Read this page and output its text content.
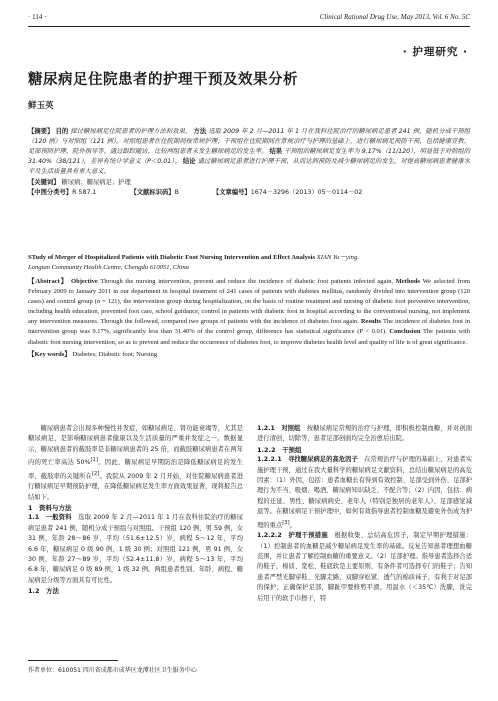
· 114 ·	Clinical Rational Drug Use, May 2013, Vol. 6 No. 5C
· 护理研究 ·
糖尿病足住院患者的护理干预及效果分析
鲜玉英

【摘要】 目的 探讨糖尿病足住院患者的护理方法和效果。 方法 选取 2009 年 2 月—2011 年 1 月在我科住院治疗的糖尿病足患者 241 例，随机分成干预组（120 例）与对照组（121 例）。对照组患者在住院期间按常规护理；干预组在住院期间在常规治疗与护理的基础上，进行糖尿病足预防干预，包括健康宣教、足部预防护理、院外指导等。通过跟踪随访，比较两组患者未发生糖尿病足的发生率。 结果 干预组的糖尿病足发生率为 9.17%（11/120），明显低于对照组的 31.40%（38/121），差异有统计学意义（P＜0.01）。 结论 通过糖尿病足患者进行护理干预，从而达到预防及减少糖尿病足的发生，对提高糖尿病患者健康水平及生活质量具有重大意义。

【关键词】 糖尿病；糖尿病足；护理

【中图分类号】R 587.1	【文献标识码】B	【文章编号】1674－3296（2013）05－0114－02

STudy of Merger of Hospitalized Patients with Diabetic Foot Nursing Intervention and Effect Analysis XIAN Yu－ying.
Longtan Community Health Centre, Chengdu 610051, China

【Abstract】 Objective Through the nursing intervention, prevent and reduce the incidence of diabetic foot patients infected again. Methods We selected from February 2009 to January 2011 in our department in hospital treatment of 241 cases of patients with diabetes mellitus, randomly divided into intervention group (120 cases) and control group (n = 121), the intervention group during hospitalization, on the basis of routine treatment and nursing of diabetic foot preventive intervention, including health education, prevented foot care, school guidance, control in patients with diabetic foot in hospital according to the conventional nursing, not implement any intervention measures. Through the followed, compared two groups of patients with the incidence of diabetes foot again. Results The incidence of diabetes foot in intervention group was 9.17%, significantly less than 31.40% of the control group, difference has statistical significance (P < 0.01). Conclusion The patients with diabetic foot nursing intervention, so as to prevent and reduce the occurrence of diabetes foot, to improve diabetes health level and quality of life is of great significance.

【Key words】 Diabetes; Diabetic foot; Nursing

糖尿病患者会出现多种慢性并发症，如糖尿病足、肾功能衰竭等，尤其是糖尿病足，是影响糖尿病患者健康以及生活质量的严重并发症之一。数据显示，糖尿病患者的截肢率是非糖尿病患者的 25 倍，而截肢糖尿病患者在两年内的死亡率高达 50%[1]。因此，糖尿病足早期防治是降低糖尿病足的发生率、截肢率的关键所在[2]。我院从 2009 年 2 月开始，对住院糖尿病患者进行糖尿病足早期预防护理，在降低糖尿病足发生率方面效果显著，现将报告总结如下。

1　资料与方法

1.1　一般资料　 选取 2009 年 2 月—2011 年 1 月在我科住院治疗的糖尿病足患者 241 例，随机分成干预组与对照组。干预组 120 例，男 59 例，女 31 例，年龄 28～86 岁，平均（51.6±12.5）岁，病程 5～12 年，平均 6.6 年，糖尿病足 0 级 90 例，1 级 30 例；对照组 121 例，男 91 例，女 30 例，年龄 27～89 岁，平均（52.4±11.8）岁，病程 5～13 年，平均 6.8 年，糖尿病足 0 级 89 例，1 级 32 例。两组患者性别、年龄、病程、糖尿病足分级等方面具有可比性。

1.2　方法

1.2.1　对照组　 按糖尿病足常规的治疗与护理，即积极控制血糖，并对创面进行清创、切除等，患者足部创面均完全治愈后出院。

1.2.2　干预组

1.2.2.1　寻找糖尿病足的高危因子　 在常规治疗与护理的基础上，对患者实施护理干预，通过在我大量科学的糖尿病足文献资料，总结出糖尿病足的高危因素：（1）外因，包括：患者血糖长有得到有效控制、足部受到外伤、足部护理行为不当、吸烟、喝酒、糖尿病知识缺乏、不配合等；（2）内因，包括：病程的迁延、男性、糖尿病病史、老年人（特别是独居的老年人）、足部感觉减退等。在糖尿病足干预护理中，如何有效指导患者控制血糖及避免外伤成为护理的重点[3]。

1.2.2.2　护理干预措施　 根据收集、总结高危因子，制定早期护理措施：（1）控制患者的血糖是减少糖尿病足发生率的基础。反复告知患者理想血糖范围，并让患者了解控制血糖的重要意义。（2）足部护理。指导患者选择合适的鞋子，棉质、宽松、鞋底软是主要原则，有条件者可选择专门的鞋子；告知患者严禁光脚穿鞋、光脚走路，双脚穿松紧、透气的棉质袜子，有利于对足部的保护；正确保护足部，脚趾甲要修剪平滑。用温水（＜35℃）洗脚，洗完后用干的软手巾擦干，特

作者单位：610051 四川省成都市成华区龙潭社区卫生服务中心
